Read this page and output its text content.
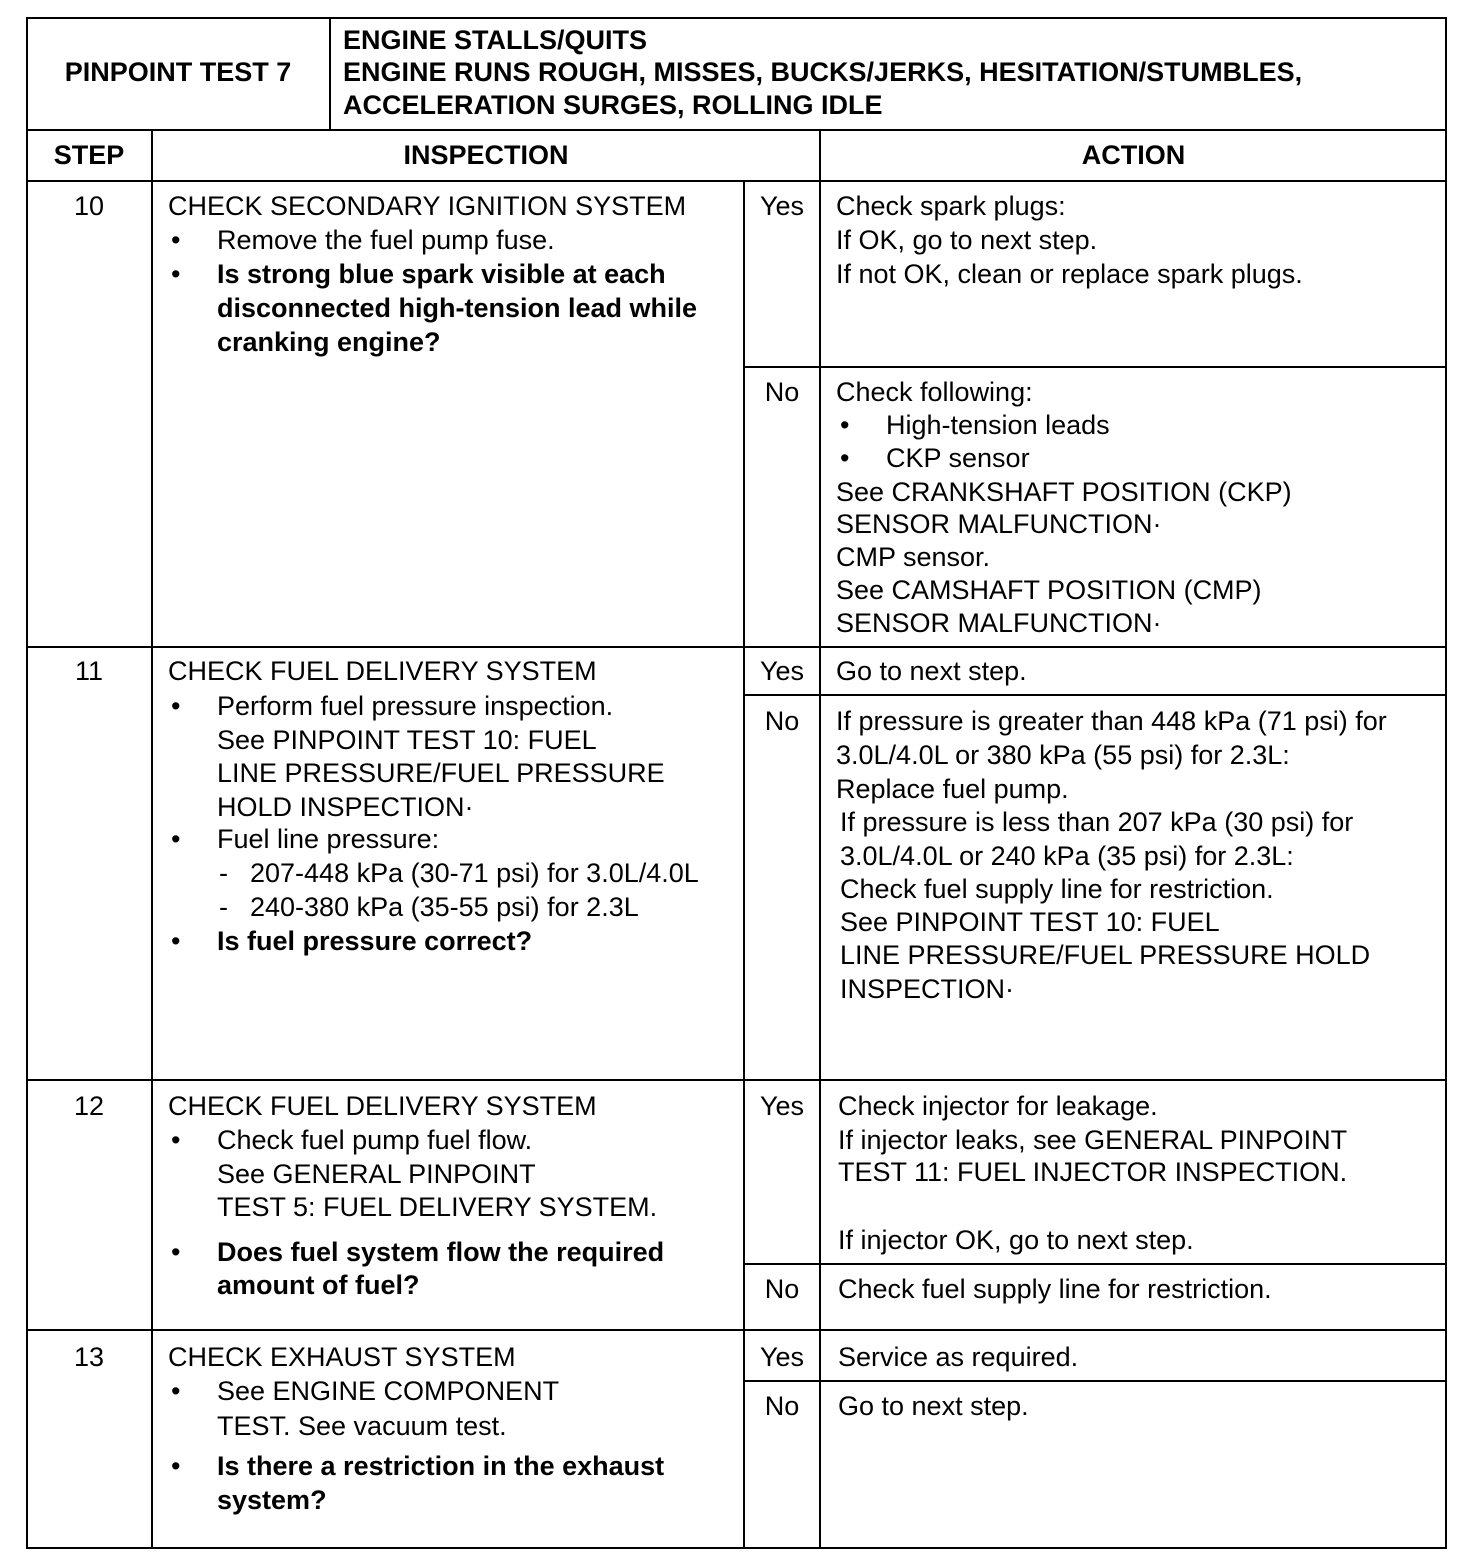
PINPOINT TEST 7
ENGINE STALLS/QUITS
ENGINE RUNS ROUGH, MISSES, BUCKS/JERKS, HESITATION/STUMBLES,
ACCELERATION SURGES, ROLLING IDLE
STEP	INSPECTION	ACTION
10	CHECK SECONDARY IGNITION SYSTEM
• Remove the fuel pump fuse.
• Is strong blue spark visible at each
disconnected high-tension lead while
cranking engine?
Yes	Check spark plugs:
If OK, go to next step.
If not OK, clean or replace spark plugs.
No	Check following:
• High-tension leads
• CKP sensor
See CRANKSHAFT POSITION (CKP)
SENSOR MALFUNCTION·
CMP sensor.
See CAMSHAFT POSITION (CMP)
SENSOR MALFUNCTION·
11	CHECK FUEL DELIVERY SYSTEM
• Perform fuel pressure inspection.
See PINPOINT TEST 10: FUEL
LINE PRESSURE/FUEL PRESSURE
HOLD INSPECTION·
• Fuel line pressure:
- 207-448 kPa (30-71 psi) for 3.0L/4.0L
- 240-380 kPa (35-55 psi) for 2.3L
• Is fuel pressure correct?
Yes	Go to next step.
No	If pressure is greater than 448 kPa (71 psi) for
3.0L/4.0L or 380 kPa (55 psi) for 2.3L:
Replace fuel pump.
If pressure is less than 207 kPa (30 psi) for
3.0L/4.0L or 240 kPa (35 psi) for 2.3L:
Check fuel supply line for restriction.
See PINPOINT TEST 10: FUEL
LINE PRESSURE/FUEL PRESSURE HOLD
INSPECTION·
12	CHECK FUEL DELIVERY SYSTEM
• Check fuel pump fuel flow.
See GENERAL PINPOINT
TEST 5: FUEL DELIVERY SYSTEM.
• Does fuel system flow the required
amount of fuel?
Yes	Check injector for leakage.
If injector leaks, see GENERAL PINPOINT
TEST 11: FUEL INJECTOR INSPECTION.
If injector OK, go to next step.
No	Check fuel supply line for restriction.
13	CHECK EXHAUST SYSTEM
• See ENGINE COMPONENT
TEST. See vacuum test.
• Is there a restriction in the exhaust
system?
Yes	Service as required.
No	Go to next step.
